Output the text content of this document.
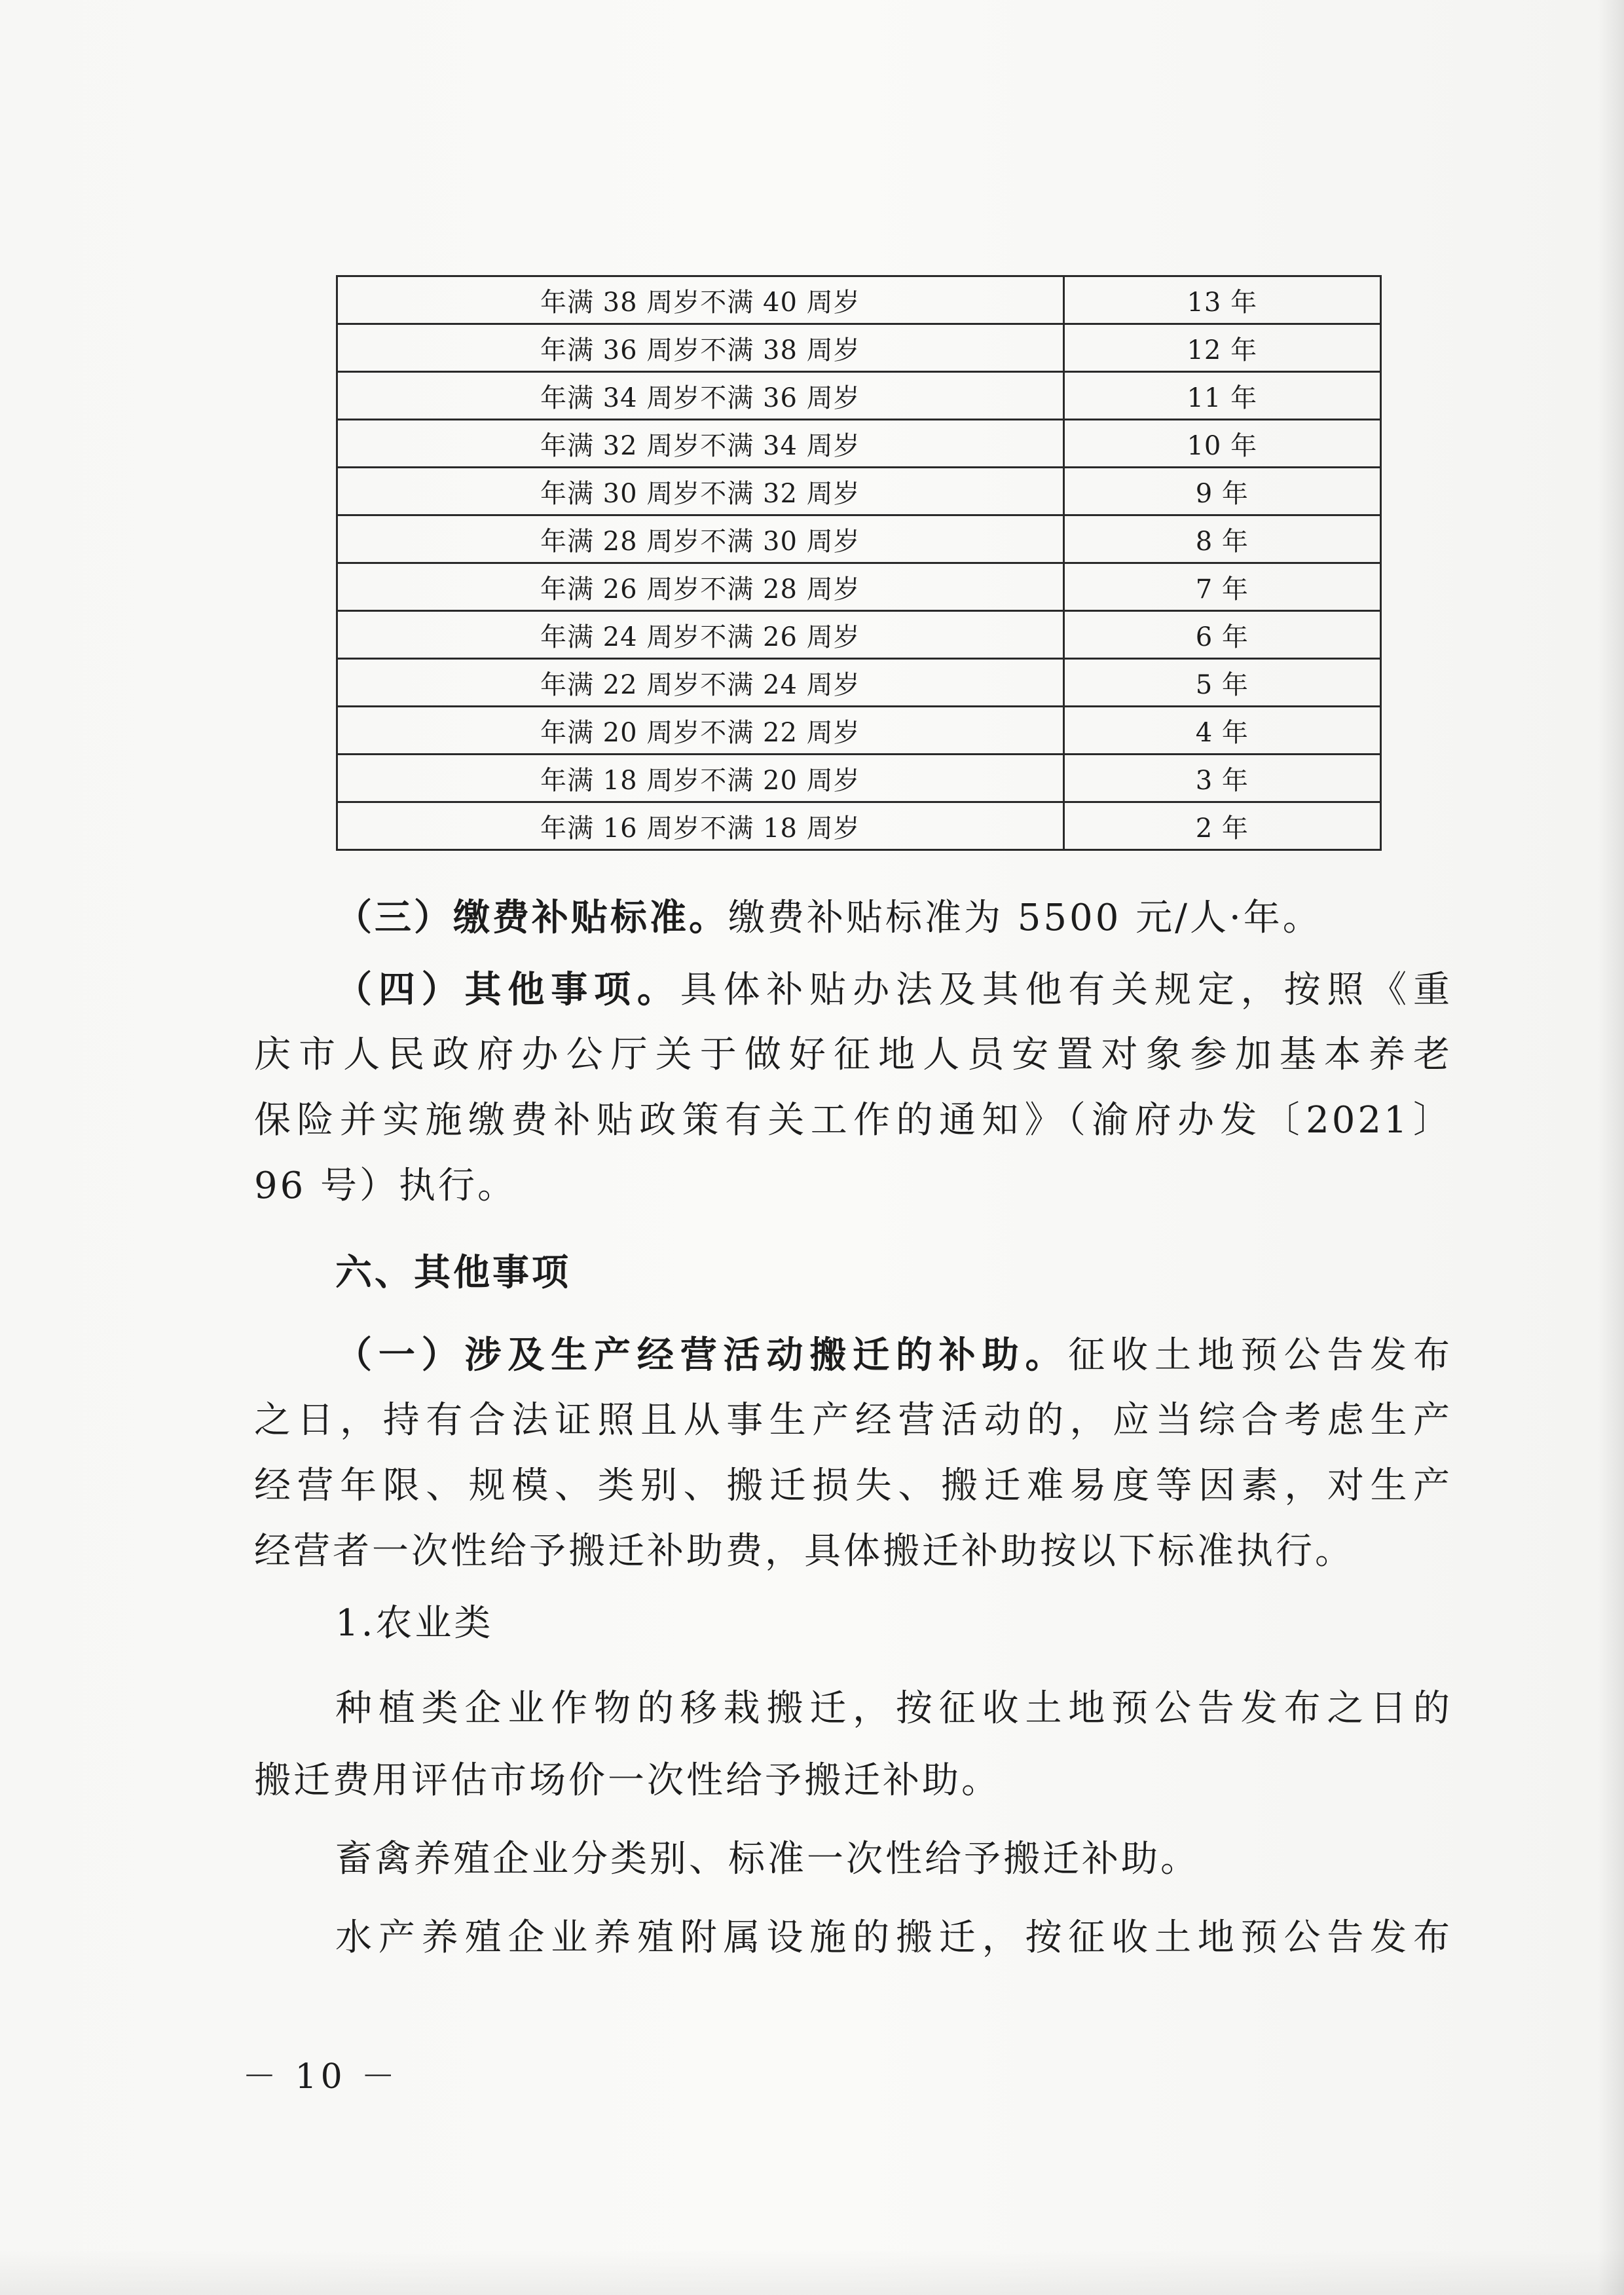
年满 38 周岁不满 40 周岁	13 年
年满 36 周岁不满 38 周岁	12 年
年满 34 周岁不满 36 周岁	11 年
年满 32 周岁不满 34 周岁	10 年
年满 30 周岁不满 32 周岁	9 年
年满 28 周岁不满 30 周岁	8 年
年满 26 周岁不满 28 周岁	7 年
年满 24 周岁不满 26 周岁	6 年
年满 22 周岁不满 24 周岁	5 年
年满 20 周岁不满 22 周岁	4 年
年满 18 周岁不满 20 周岁	3 年
年满 16 周岁不满 18 周岁	2 年

（三）缴费补贴标准。缴费补贴标准为 5500 元/人·年。

（四）其他事项。具体补贴办法及其他有关规定，按照《重

庆市人民政府办公厅关于做好征地人员安置对象参加基本养老

保险并实施缴费补贴政策有关工作的通知》（渝府办发〔2021〕

96 号）执行。

六、其他事项

（一）涉及生产经营活动搬迁的补助。征收土地预公告发布

之日，持有合法证照且从事生产经营活动的，应当综合考虑生产

经营年限、规模、类别、搬迁损失、搬迁难易度等因素，对生产

经营者一次性给予搬迁补助费，具体搬迁补助按以下标准执行。

1.农业类

种植类企业作物的移栽搬迁，按征收土地预公告发布之日的

搬迁费用评估市场价一次性给予搬迁补助。

畜禽养殖企业分类别、标准一次性给予搬迁补助。

水产养殖企业养殖附属设施的搬迁，按征收土地预公告发布

－ 10 －
